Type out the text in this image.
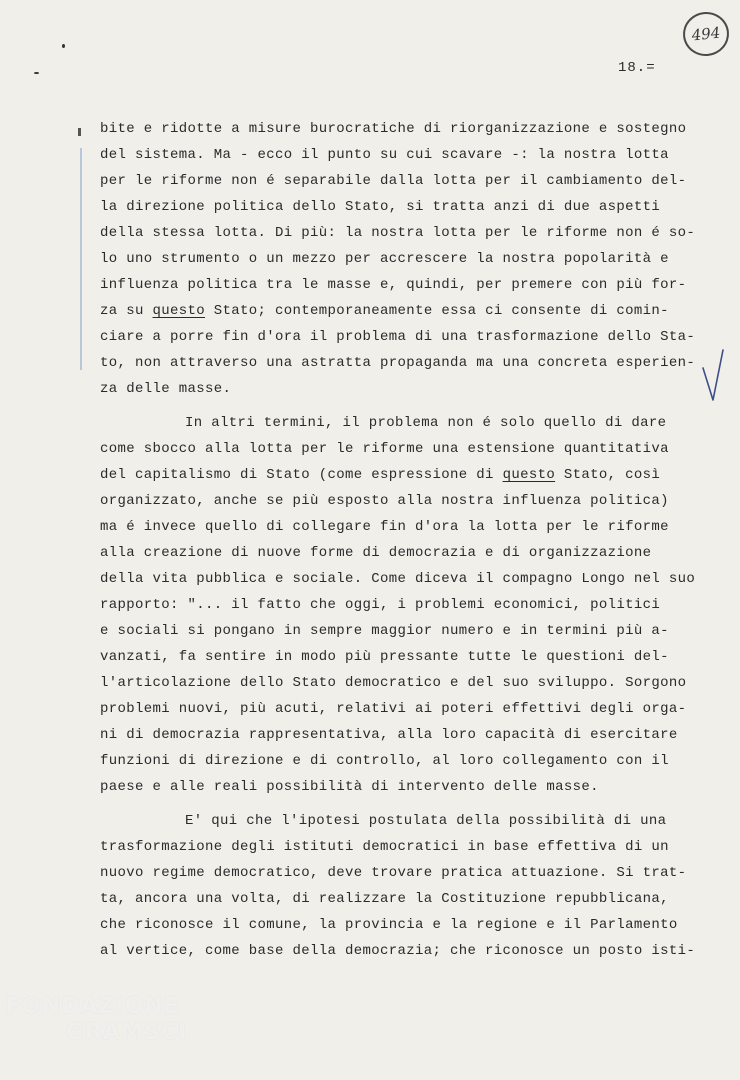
494
18.=
bite e ridotte a misure burocratiche di riorganizzazione e sostegno
del sistema. Ma - ecco il punto su cui scavare -: la nostra lotta
per le riforme non é separabile dalla lotta per il cambiamento del-
la direzione politica dello Stato, si tratta anzi di due aspetti
della stessa lotta. Di più: la nostra lotta per le riforme non é so-
lo uno strumento o un mezzo per accrescere la nostra popolarità e
influenza politica tra le masse e, quindi, per premere con più for-
za su questo Stato; contemporaneamente essa ci consente di comin-
ciare a porre fin d'ora il problema di una trasformazione dello Sta-
to, non attraverso una astratta propaganda ma una concreta esperien-
za delle masse.
In altri termini, il problema non é solo quello di dare
come sbocco alla lotta per le riforme una estensione quantitativa
del capitalismo di Stato (come espressione di questo Stato, così
organizzato, anche se più esposto alla nostra influenza politica)
ma é invece quello di collegare fin d'ora la lotta per le riforme
alla creazione di nuove forme di democrazia e di organizzazione
della vita pubblica e sociale. Come diceva il compagno Longo nel suo
rapporto: "... il fatto che oggi, i problemi economici, politici
e sociali si pongano in sempre maggior numero e in termini più a-
vanzati, fa sentire in modo più pressante tutte le questioni del-
l'articolazione dello Stato democratico e del suo sviluppo. Sorgono
problemi nuovi, più acuti, relativi ai poteri effettivi degli orga-
ni di democrazia rappresentativa, alla loro capacità di esercitare
funzioni di direzione e di controllo, al loro collegamento con il
paese e alle reali possibilità di intervento delle masse.
E' qui che l'ipotesi postulata della possibilità di una
trasformazione degli istituti democratici in base effettiva di un
nuovo regime democratico, deve trovare pratica attuazione. Si trat-
ta, ancora una volta, di realizzare la Costituzione repubblicana,
che riconosce il comune, la provincia e la regione e il Parlamento
al vertice, come base della democrazia; che riconosce un posto isti-
FONDAZIONE
GRAMSCI
